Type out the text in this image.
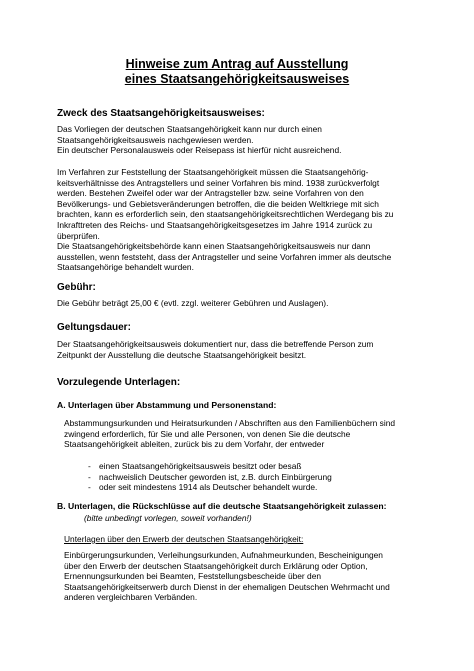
Hinweise zum Antrag auf Ausstellung
eines Staatsangehörigkeitsausweises
Zweck des Staatsangehörigkeitsausweises:
Das Vorliegen der deutschen Staatsangehörigkeit kann nur durch einen
Staatsangehörigkeitsausweis nachgewiesen werden.
Ein deutscher Personalausweis oder Reisepass ist hierfür nicht ausreichend.
Im Verfahren zur Feststellung der Staatsangehörigkeit müssen die Staatsangehörig-
keitsverhältnisse des Antragstellers und seiner Vorfahren bis mind. 1938 zurückverfolgt
werden. Bestehen Zweifel oder war der Antragsteller bzw. seine Vorfahren von den
Bevölkerungs- und Gebietsveränderungen betroffen, die die beiden Weltkriege mit sich
brachten, kann es erforderlich sein, den staatsangehörigkeitsrechtlichen Werdegang bis zu
Inkrafttreten des Reichs- und Staatsangehörigkeitsgesetzes im Jahre 1914 zurück zu
überprüfen.
Die Staatsangehörigkeitsbehörde kann einen Staatsangehörigkeitsausweis nur dann
ausstellen, wenn feststeht, dass der Antragsteller und seine Vorfahren immer als deutsche
Staatsangehörige behandelt wurden.
Gebühr:
Die Gebühr beträgt 25,00 € (evtl. zzgl. weiterer Gebühren und Auslagen).
Geltungsdauer:
Der Staatsangehörigkeitsausweis dokumentiert nur, dass die betreffende Person zum
Zeitpunkt der Ausstellung die deutsche Staatsangehörigkeit besitzt.
Vorzulegende Unterlagen:
A. Unterlagen über Abstammung und Personenstand:
Abstammungsurkunden und Heiratsurkunden / Abschriften aus den Familienbüchern sind
zwingend erforderlich, für Sie und alle Personen, von denen Sie die deutsche
Staatsangehörigkeit ableiten, zurück bis zu dem Vorfahr, der entweder
- einen Staatsangehörigkeitsausweis besitzt oder besaß
- nachweislich Deutscher geworden ist, z.B. durch Einbürgerung
- oder seit mindestens 1914 als Deutscher behandelt wurde.
B. Unterlagen, die Rückschlüsse auf die deutsche Staatsangehörigkeit zulassen:
(bitte unbedingt vorlegen, soweit vorhanden!)
Unterlagen über den Erwerb der deutschen Staatsangehörigkeit:
Einbürgerungsurkunden, Verleihungsurkunden, Aufnahmeurkunden, Bescheinigungen
über den Erwerb der deutschen Staatsangehörigkeit durch Erklärung oder Option,
Ernennungsurkunden bei Beamten, Feststellungsbescheide über den
Staatsangehörigkeitserwerb durch Dienst in der ehemaligen Deutschen Wehrmacht und
anderen vergleichbaren Verbänden.
